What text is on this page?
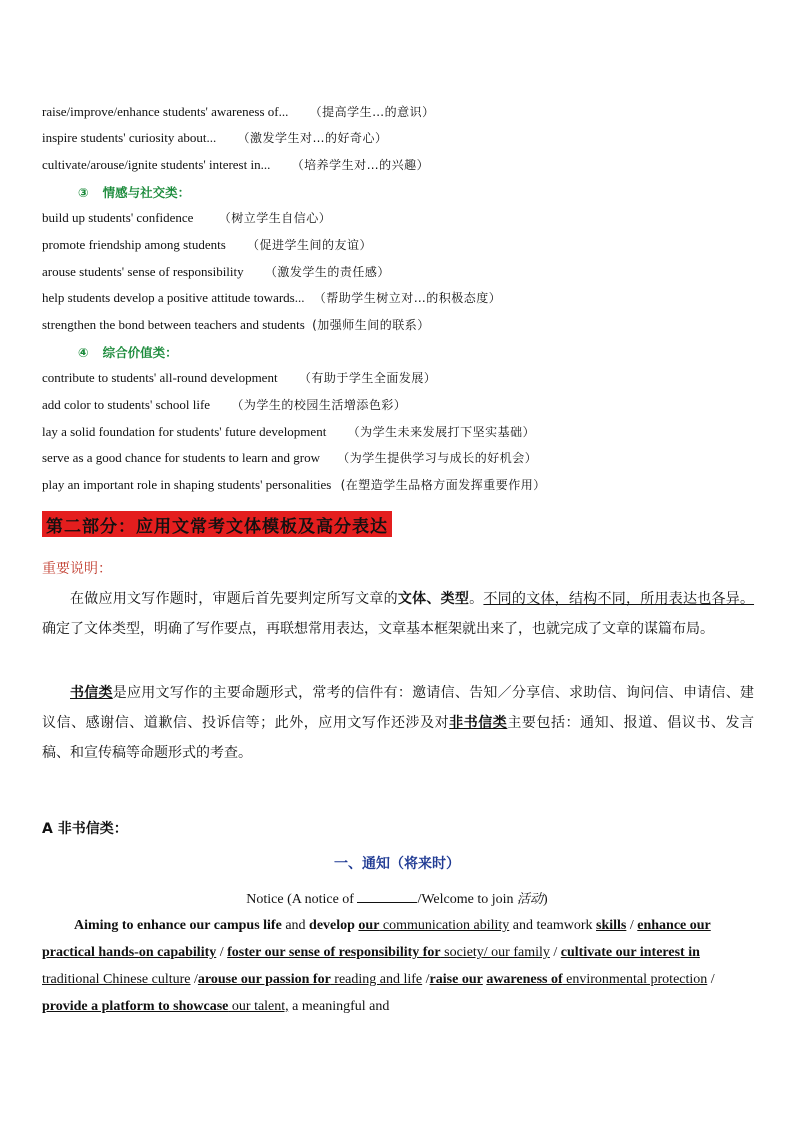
raise/improve/enhance students' awareness of... （提高学生…的意识）
inspire students' curiosity about... （激发学生对…的好奇心）
cultivate/arouse/ignite students' interest in... （培养学生对…的兴趣）
③ 情感与社交类：
build up students' confidence （树立学生自信心）
promote friendship among students （促进学生间的友谊）
arouse students' sense of responsibility （激发学生的责任感）
help students develop a positive attitude towards... （帮助学生树立对…的积极态度）
strengthen the bond between teachers and students (加强师生间的联系）
④ 综合价值类：
contribute to students' all-round development （有助于学生全面发展）
add color to students' school life （为学生的校园生活增添色彩）
lay a solid foundation for students' future development （为学生未来发展打下坚实基础）
serve as a good chance for students to learn and grow （为学生提供学习与成长的好机会）
play an important role in shaping students' personalities (在塑造学生品格方面发挥重要作用）
第二部分：应用文常考文体模板及高分表达
重要说明：
在做应用文写作题时，审题后首先要判定所写文章的文体、类型。不同的文体，结构不同，所用表达也各异。确定了文体类型，明确了写作要点，再联想常用表达，文章基本框架就出来了，也就完成了文章的谋篇布局。
书信类是应用文写作的主要命题形式，常考的信件有：邀请信、告知／分享信、求助信、询问信、申请信、建议信、感谢信、道歉信、投诉信等；此外，应用文写作还涉及对非书信类主要包括：通知、报道、倡议书、发言稿、和宣传稿等命题形式的考查。
A 非书信类：
一、通知（将来时）
Notice (A notice of	/Welcome to join 活动)
Aiming to enhance our campus life and develop our communication ability and teamwork skills / enhance our practical hands-on capability / foster our sense of responsibility for society/ our family / cultivate our interest in traditional Chinese culture /arouse our passion for reading and life /raise our awareness of environmental protection / provide a platform to showcase our talent, a meaningful and
